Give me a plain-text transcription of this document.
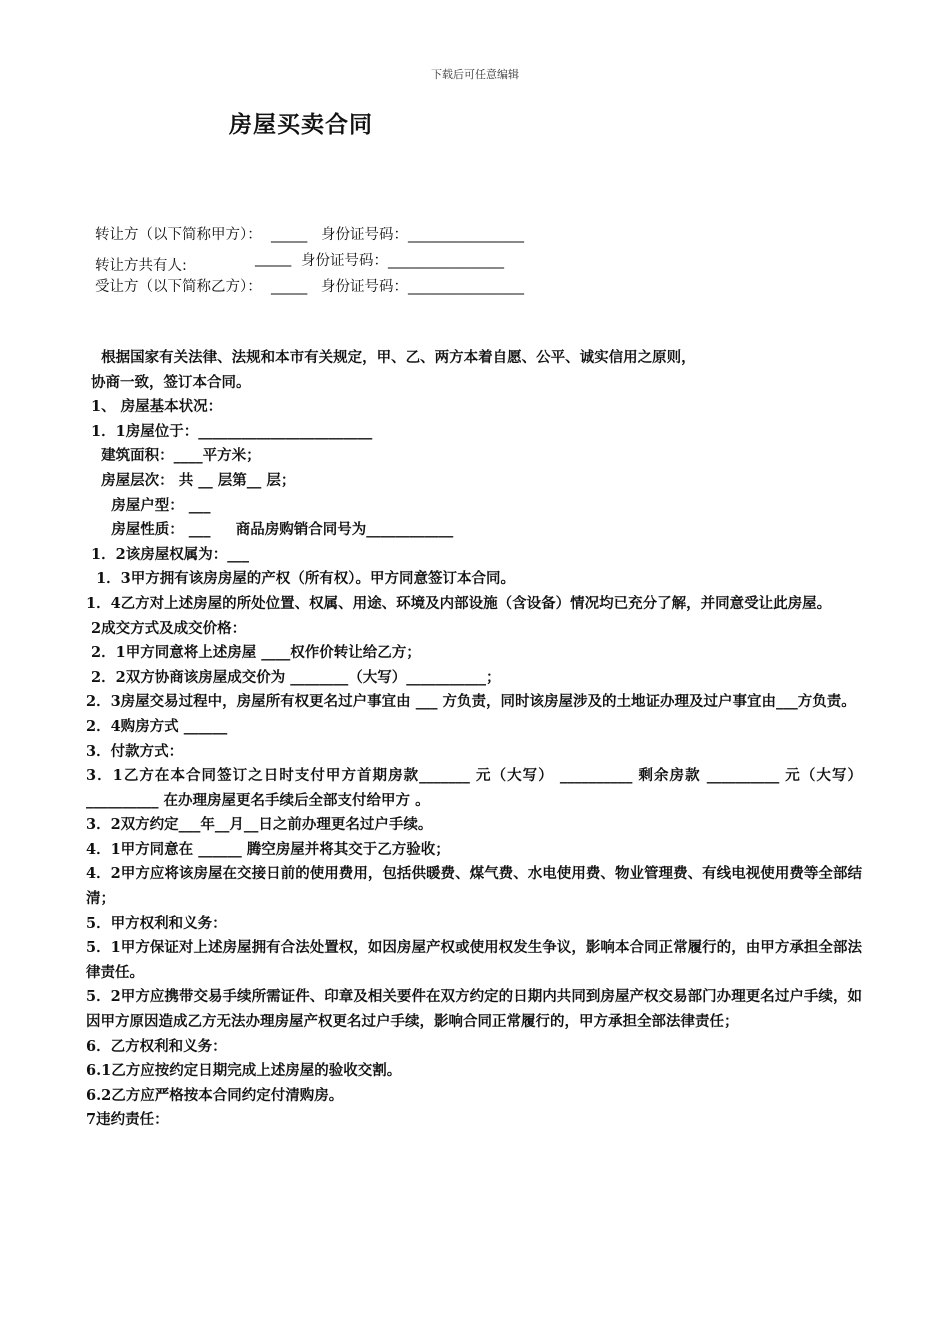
下载后可任意编辑
房屋买卖合同
转让方（以下简称甲方）：  _____   身份证号码：________________
转让方共有人:	_____ 身份证号码：________________
受让方（以下简称乙方）：  _____   身份证号码：________________

根据国家有关法律、法规和本市有关规定，甲、乙、两方本着自愿、公平、诚实信用之原则，

协商一致，签订本合同。

1、 房屋基本状况：

1．1房屋位于：________________________

建筑面积：____平方米；

房屋层次： 共 __ 层第__ 层；

房屋户型： ___

房屋性质： ___     商品房购销合同号为____________

1．2该房屋权属为：___

1．3甲方拥有该房房屋的产权（所有权）。甲方同意签订本合同。

1．4乙方对上述房屋的所处位置、权属、用途、环境及内部设施（含设备）情况均已充分了解，并同意受让此房屋。

2成交方式及成交价格：

2．1甲方同意将上述房屋 ____权作价转让给乙方；

2．2双方协商该房屋成交价为 ________（大写）___________；

2．3房屋交易过程中，房屋所有权更名过户事宜由 ___ 方负责，同时该房屋涉及的土地证办理及过户事宜由___方负责。

2．4购房方式 ______

3．付款方式：

3．1乙方在本合同签订之日时支付甲方首期房款_______ 元（大写） __________ 剩余房款 __________ 元（大写） __________ 在办理房屋更名手续后全部支付给甲方 。

3．2双方约定___年__月__日之前办理更名过户手续。

4．1甲方同意在 ______ 腾空房屋并将其交于乙方验收；

4．2甲方应将该房屋在交接日前的使用费用，包括供暖费、煤气费、水电使用费、物业管理费、有线电视使用费等全部结清；

5．甲方权利和义务：

5．1甲方保证对上述房屋拥有合法处置权，如因房屋产权或使用权发生争议，影响本合同正常履行的，由甲方承担全部法律责任。

5．2甲方应携带交易手续所需证件、印章及相关要件在双方约定的日期内共同到房屋产权交易部门办理更名过户手续，如因甲方原因造成乙方无法办理房屋产权更名过户手续，影响合同正常履行的，甲方承担全部法律责任；

6．乙方权利和义务：

6.1乙方应按约定日期完成上述房屋的验收交割。

6.2乙方应严格按本合同约定付清购房。

7违约责任：
